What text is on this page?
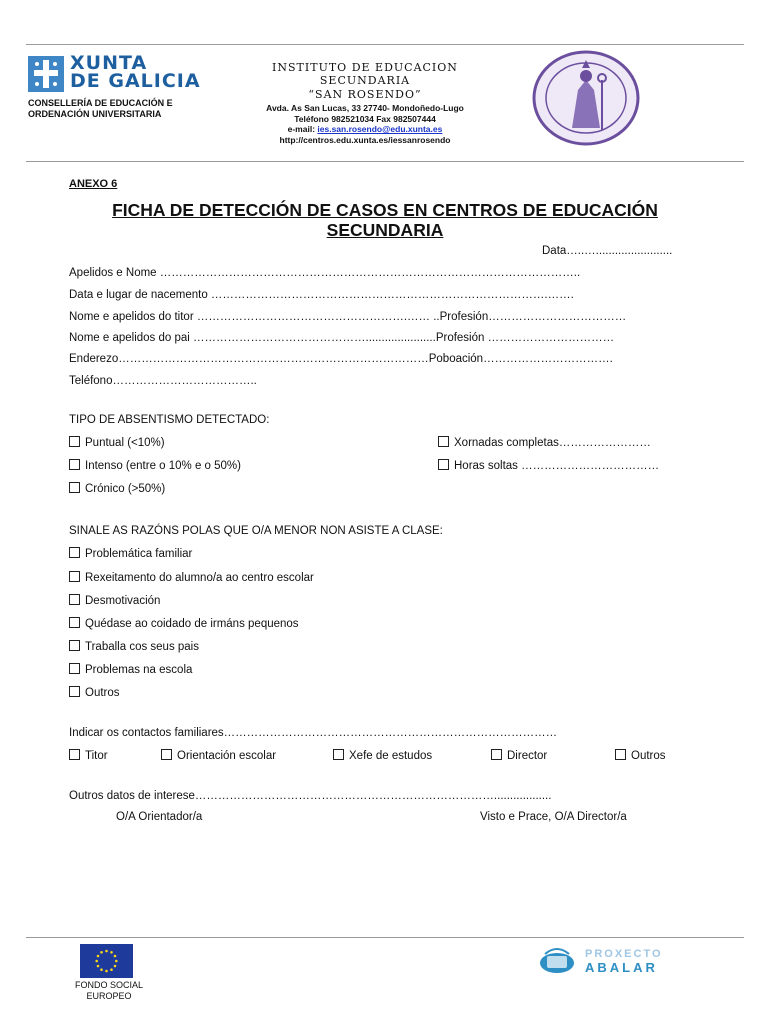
XUNTA
DE GALICIA
CONSELLERÍA DE EDUCACIÓN E
ORDENACIÓN UNIVERSITARIA
INSTITUTO DE EDUCACION SECUNDARIA
“SAN ROSENDO”
Avda. As San Lucas, 33 27740- Mondoñedo-Lugo
Teléfono 982521034 Fax 982507444
e-mail: ies.san.rosendo@edu.xunta.es
http://centros.edu.xunta.es/iessanrosendo
ANEXO 6
FICHA DE DETECCIÓN DE CASOS EN CENTROS DE EDUCACIÓN
SECUNDARIA
Data…..…........................
Apelidos e Nome ………………………………………………………………………………………………..
Data e lugar de nacemento …………………………………………………………………………….…….
Nome e apelidos do titor ……………………………………………….…… ..Profesión………………………………
Nome e apelidos do pai ………………………………………......................Profesión ……………………………
Enderezo………………………………………………………………………Poboación…………………………….
Teléfono………………………………..
TIPO DE ABSENTISMO DETECTADO:
Puntual (<10%)
Intenso (entre o 10% e o 50%)
Crónico (>50%)
Xornadas completas……………………
Horas soltas ………………………………
SINALE AS RAZÓNS POLAS QUE O/A MENOR NON ASISTE A CLASE:
Problemática familiar
Rexeitamento do alumno/a ao centro escolar
Desmotivación
Quédase ao coidado de irmáns pequenos
Traballa cos seus pais
Problemas na escola
Outros
Indicar os contactos familiares……………………………………………………………………………
Titor	Orientación escolar	Xefe de estudos	Director	Outros
Outros datos de interese……………………………………………………………………..................
O/A Orientador/a	Visto e Prace, O/A Director/a
FONDO SOCIAL
EUROPEO
PROXECTO
ABALAR
